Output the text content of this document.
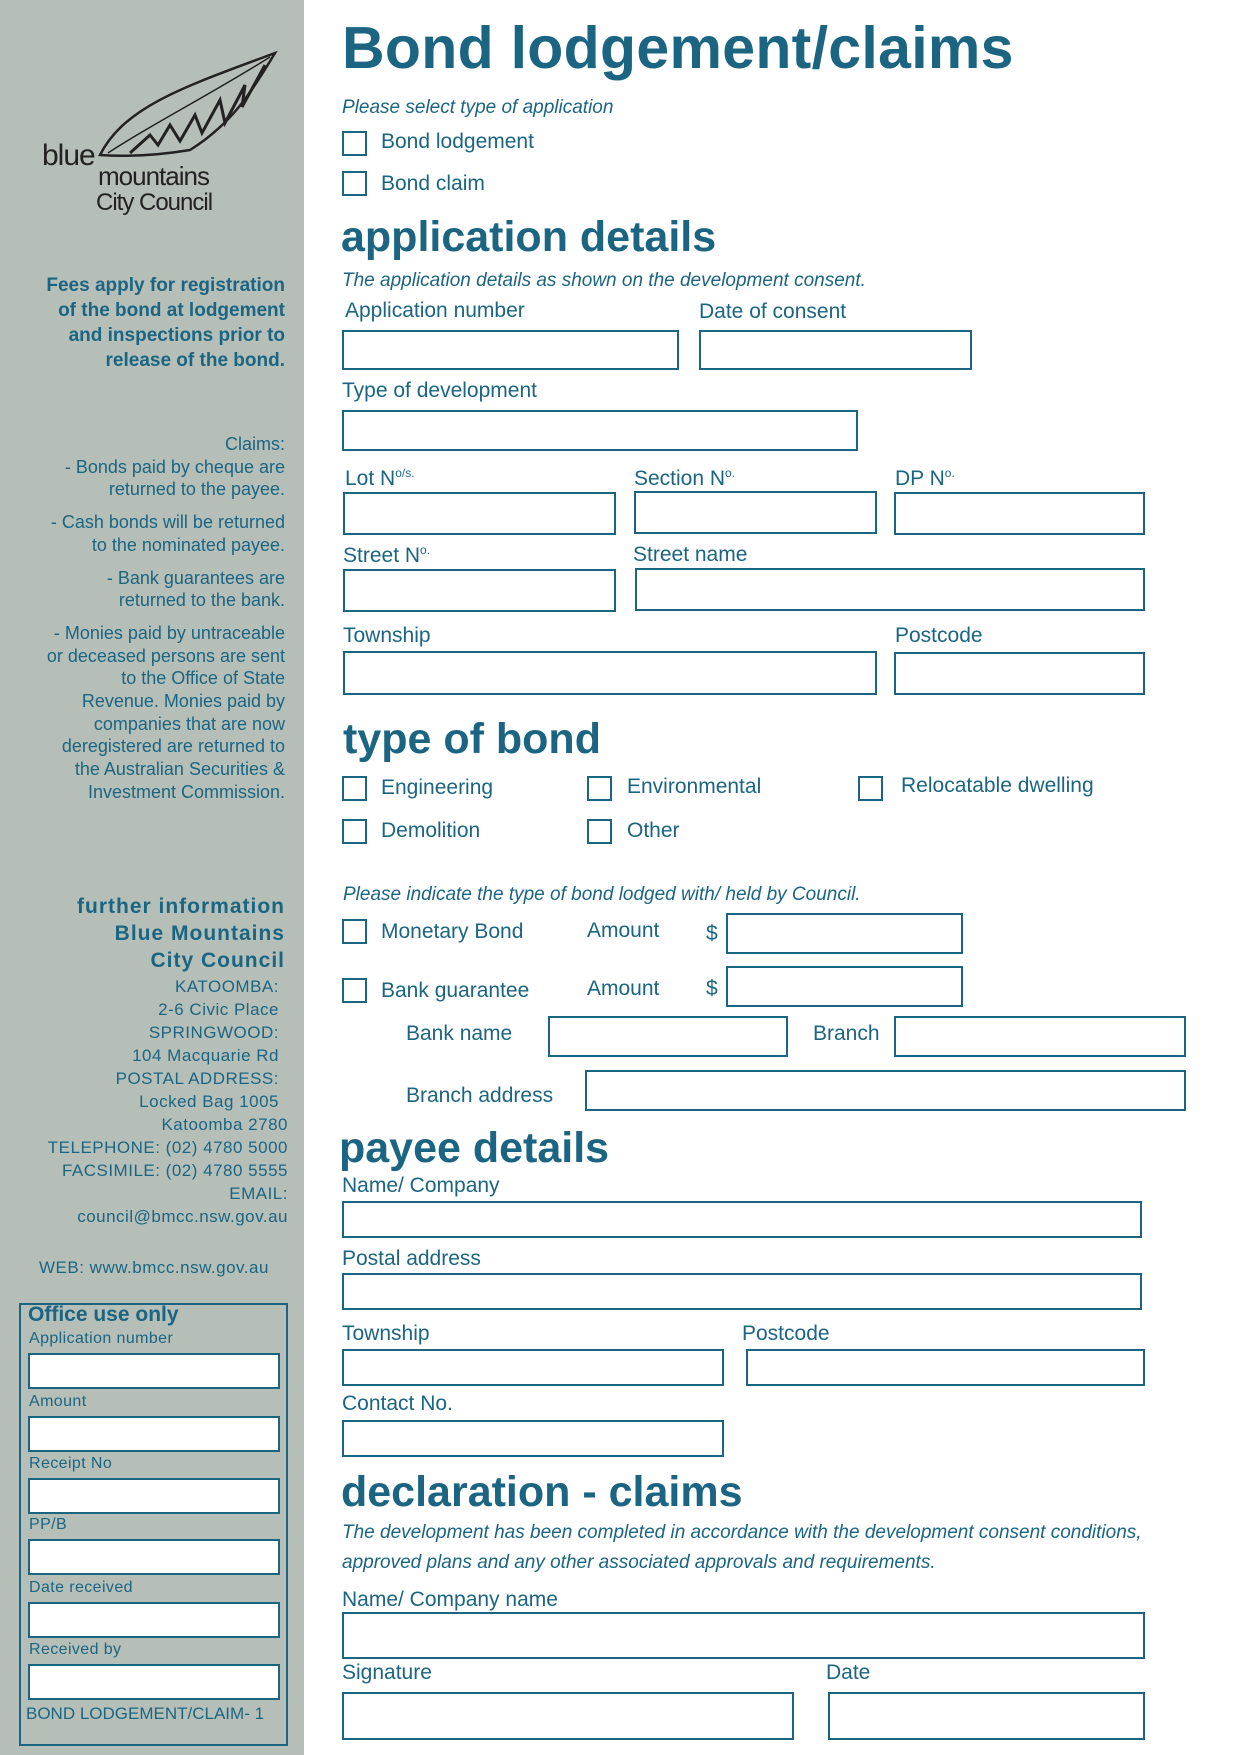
blue
mountains
City Council
Fees apply for registration
of the bond at lodgement
and inspections prior to
release of the bond.
Claims:
- Bonds paid by cheque are
returned to the payee.
- Cash bonds will be returned
to the nominated payee.
- Bank guarantees are
returned to the bank.
- Monies paid by untraceable
or deceased persons are sent
to the Office of State
Revenue. Monies paid by
companies that are now
deregistered are returned to
the Australian Securities &
Investment Commission.
further information
Blue Mountains
City Council
KATOOMBA:
2-6 Civic Place
SPRINGWOOD:
104 Macquarie Rd
POSTAL ADDRESS:
Locked Bag 1005
Katoomba 2780
TELEPHONE: (02) 4780 5000
FACSIMILE: (02) 4780 5555
EMAIL:
council@bmcc.nsw.gov.au
WEB: www.bmcc.nsw.gov.au
Office use only
Application number
Amount
Receipt No
PP/B
Date received
Received by
BOND LODGEMENT/CLAIM- 1
Bond lodgement/claims
Please select type of application
Bond lodgement
Bond claim
application details
The application details as shown on the development consent.
Application number	Date of consent
Type of development
Lot $N^{o/s.}$	Section $N^{o.}$	DP $N^{o.}$
Street $N^{o.}$	Street name
Township	Postcode
type of bond
Engineering	Environmental	Relocatable dwelling
Demolition	Other
Please indicate the type of bond lodged with/ held by Council.
Monetary Bond	Amount $
Bank guarantee	Amount $
Bank name	Branch
Branch address
payee details
Name/ Company
Postal address
Township	Postcode
Contact No.
declaration - claims
The development has been completed in accordance with the development consent conditions,
approved plans and any other associated approvals and requirements.
Name/ Company name
Signature	Date
